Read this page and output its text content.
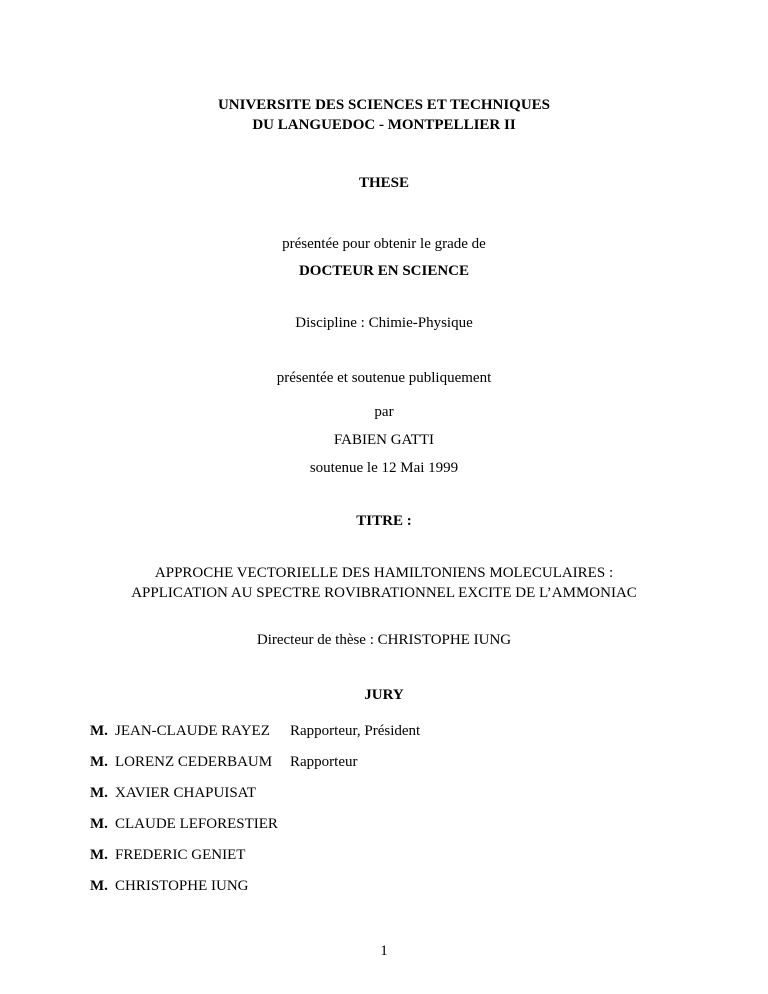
UNIVERSITE DES SCIENCES ET TECHNIQUES
DU LANGUEDOC - MONTPELLIER II
THESE
présentée pour obtenir le grade de
DOCTEUR EN SCIENCE
Discipline : Chimie-Physique
présentée et soutenue publiquement
par
FABIEN GATTI
soutenue le 12 Mai 1999
TITRE :
APPROCHE VECTORIELLE DES HAMILTONIENS MOLECULAIRES :
APPLICATION AU SPECTRE ROVIBRATIONNEL EXCITE DE L’AMMONIAC
Directeur de thèse : CHRISTOPHE IUNG
JURY
M. JEAN-CLAUDE RAYEZ	Rapporteur, Président
M. LORENZ CEDERBAUM	Rapporteur
M. XAVIER CHAPUISAT
M. CLAUDE LEFORESTIER
M. FREDERIC GENIET
M. CHRISTOPHE IUNG
1
